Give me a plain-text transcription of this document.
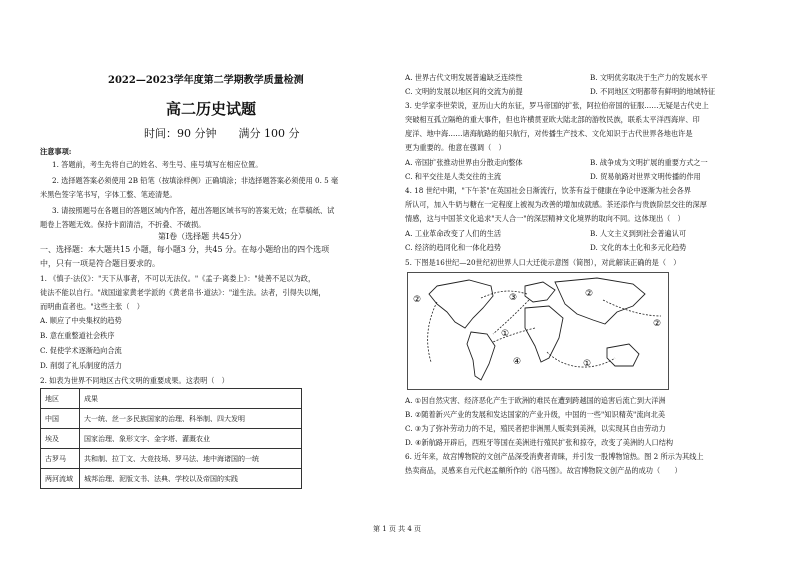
2022—2023学年度第二学期教学质量检测
高二历史试题
时间：90 分钟　　满分 100 分
注意事项:
1. 答题前，考生先将自己的姓名、考生号、座号填写在相应位置。
2. 选择题答案必须使用 2B 铅笔（按填涂样例）正确填涂；非选择题答案必须使用 0. 5 毫
米黑色签字笔书写，字体工整、笔迹清楚。
3. 请按照题号在各题目的答题区域内作答，超出答题区域书写的答案无效；在草稿纸、试
题卷上答题无效。保持卡面清洁，不折叠、不破损。
第Ⅰ卷（选择题 共45分）
一、选择题：本大题共15 小题，每小题3 分，共45 分。在每小题给出的四个选项
中，只有一项是符合题目要求的。
1. 《慎子·法仪》："天下从事者，不可以无法仪。"《孟子·离娄上》："徒善不足以为政，
徒法不能以自行。"战国道家黄老学派的《黄老帛书·道法》："道生法。法者，引得失以绳，
而明曲直者也。"这些主张（　）
A. 顺应了中央集权的趋势
B. 意在重整道社会秩序
C. 促使学术逐渐趋向合流
D. 削弱了礼乐制度的活力
2. 如表为世界不同地区古代文明的重要成果。这表明（　）
地区	成果
中国	大一统、丝一多民族国家的治理、科举制、四大发明
埃及	国家治理、象形文字、金字塔、灌溉农业
古罗马	共和制、拉丁文、大竞技场、罗马法、地中海诸国的一统
两河流域	城邦治理、泥版文书、法典、学校以及帝国的实践
A. 世界古代文明发展普遍缺乏连续性	B. 文明优劣取决于生产力的发展水平
C. 文明的发展以地区间的交流为前提	D. 不同地区文明都带有鲜明的地域特征
3. 史学家李世荣说，亚历山大的东征，罗马帝国的扩张，阿拉伯帝国的征服……无疑是古代史上
突破相互孤立隔绝的重大事件，但也许横贯亚欧大陆北部的游牧民族，联系太平洋西海岸、印
度洋、地中海……诸海航路的船只航行，对传播生产技术、文化知识于古代世界各地也许是
更为重要的。他意在强调（　）
A. 帝国扩张推动世界由分散走向整体	B. 战争成为文明扩展的重要方式之一
C. 和平交往是人类交往的主流	D. 贸易航路对世界文明传播的作用
4. 18 世纪中期，"下午茶"在英国社会日渐流行，饮茶有益于健康在争论中逐渐为社会各界
所认可，加入牛奶与糖在一定程度上被视为改善的增加成就感。茶还添作与贵族阶层交往的深厚
情感，这与中国茶文化追求"天人合一"的深层精神文化境界的取向不同。这体现出（　）
A. 工业革命改变了人们的生活	B. 人文主义到到社会普遍认可
C. 经济的趋同化和一体化趋势	D. 文化的本土化和多元化趋势
5. 下图是16世纪—20世纪初世界人口大迁徙示意图（简图），对此解读正确的是（　）
②	③
①
②
①
②
④
A. ①因自然灾害、经济恶化产生于欧洲的难民在遭到跨越国的追害后流亡到大洋洲
B. ②随着新兴产业的发展和发达国家的产业升级，中国的一些"知识精英"流向北美
C. ③为了弥补劳动力的不足，殖民者把非洲黑人贩卖到美洲，以实现其自由劳动力
D. ④新航路开辟后，西班牙等国在美洲进行殖民扩张和掠夺，改变了美洲的人口结构
6. 近年来，故宫博物院的文创产品深受消费者青睐，并引发一股博物馆热。图 2 所示为其线上
热卖商品，灵感来自元代赵孟頫所作的《浴马图》。故宫博物院文创产品的成功（　　）
第 1 页 共 4 页
